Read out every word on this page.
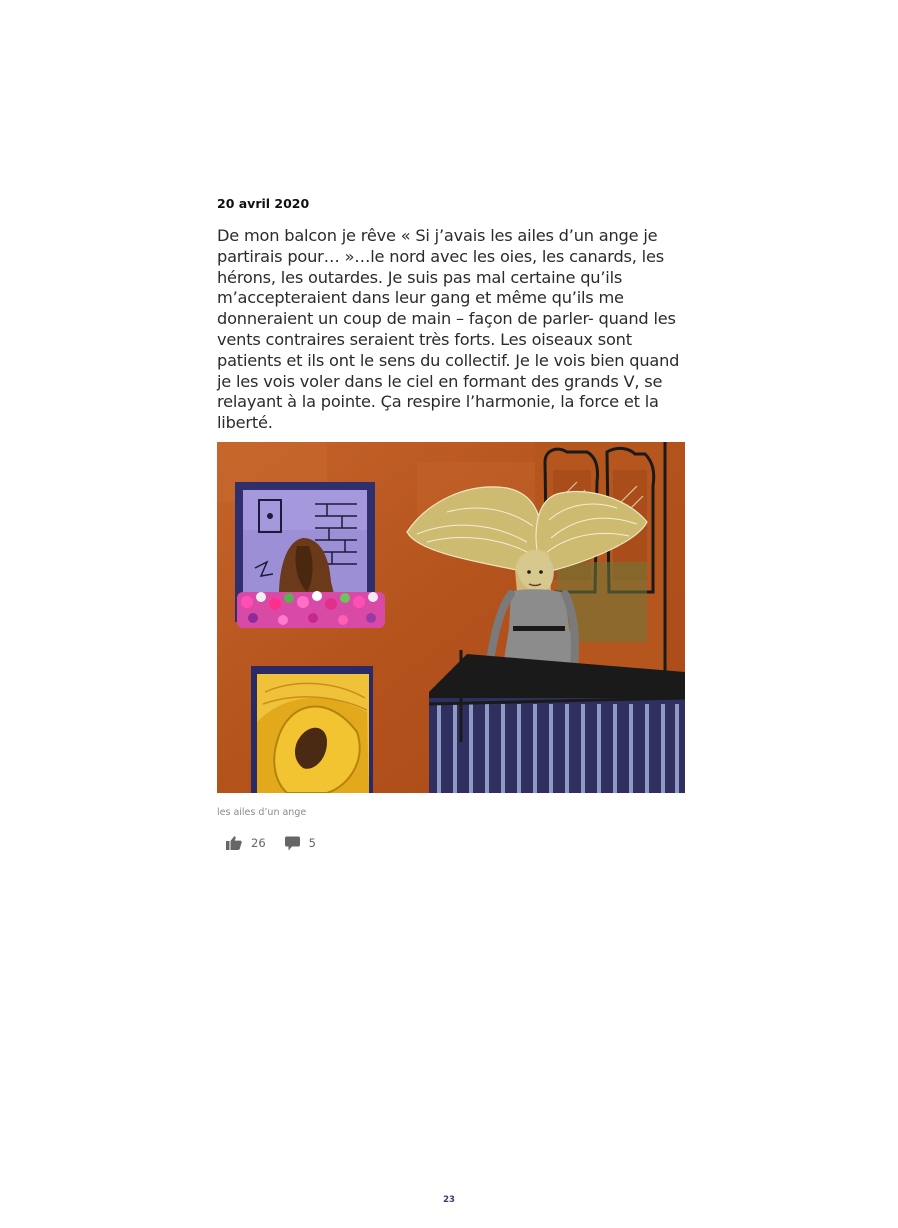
20 avril 2020

De mon balcon je rêve « Si j’avais les ailes d’un ange je partirais pour… »…le nord avec les oies, les canards, les hérons, les outardes. Je suis pas mal certaine qu’ils m’accepteraient dans leur gang et même qu’ils me donneraient un coup de main – façon de parler- quand les vents contraires seraient très forts. Les oiseaux sont patients et ils ont le sens du collectif. Je le vois bien quand je les vois voler dans le ciel en formant des grands V, se relayant à la pointe. Ça respire l’harmonie, la force et la liberté.

les ailes d’un ange
26	5
23
